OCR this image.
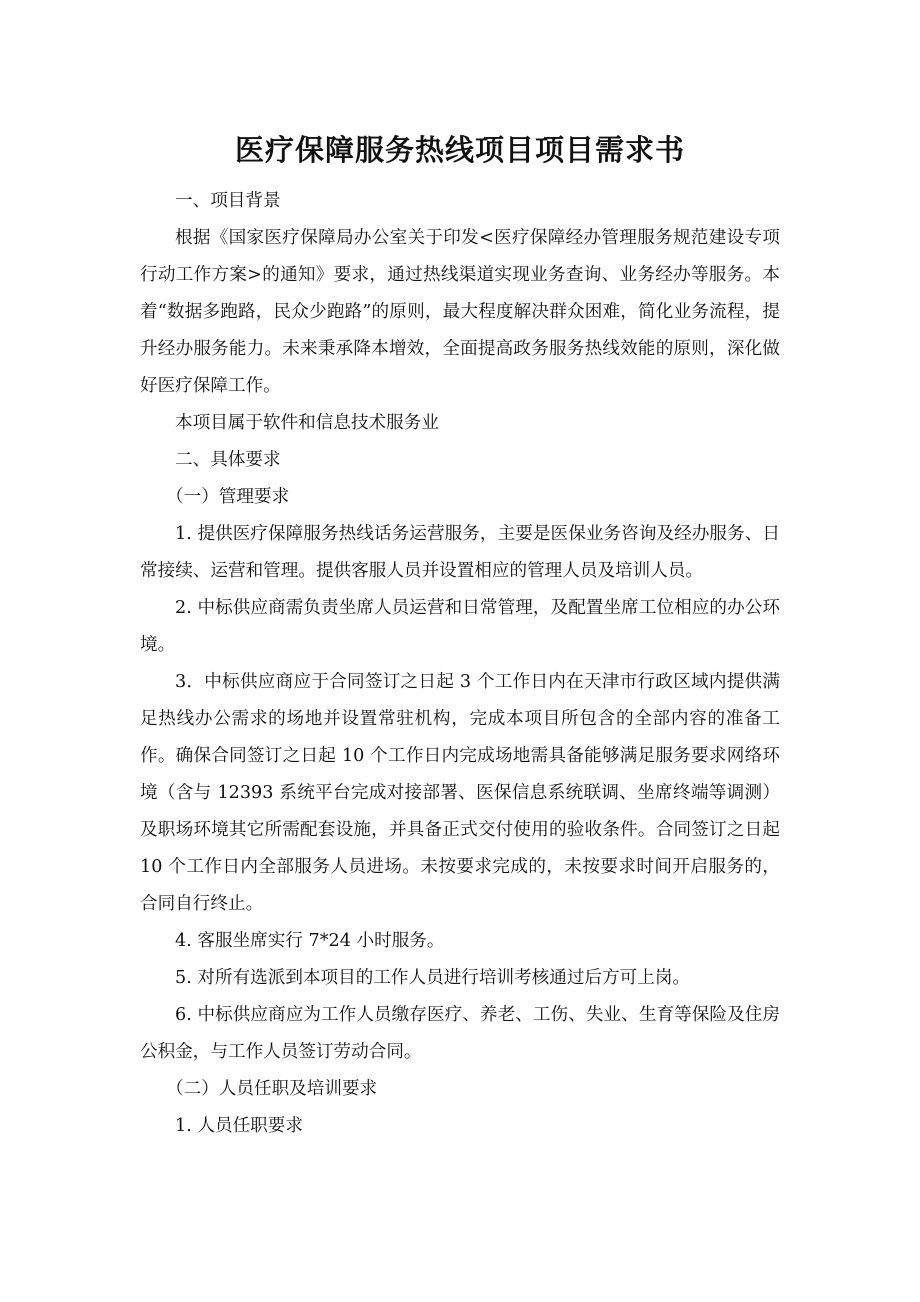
医疗保障服务热线项目项目需求书

一、项目背景

根据《国家医疗保障局办公室关于印发<医疗保障经办管理服务规范建设专项行动工作方案>的通知》要求，通过热线渠道实现业务查询、业务经办等服务。本着“数据多跑路，民众少跑路”的原则，最大程度解决群众困难，简化业务流程，提升经办服务能力。未来秉承降本增效，全面提高政务服务热线效能的原则，深化做好医疗保障工作。

本项目属于软件和信息技术服务业

二、具体要求

（一）管理要求

1. 提供医疗保障服务热线话务运营服务，主要是医保业务咨询及经办服务、日常接续、运营和管理。提供客服人员并设置相应的管理人员及培训人员。

2. 中标供应商需负责坐席人员运营和日常管理，及配置坐席工位相应的办公环境。

3．中标供应商应于合同签订之日起 3 个工作日内在天津市行政区域内提供满足热线办公需求的场地并设置常驻机构，完成本项目所包含的全部内容的准备工作。确保合同签订之日起 10 个工作日内完成场地需具备能够满足服务要求网络环境（含与 12393 系统平台完成对接部署、医保信息系统联调、坐席终端等调测）及职场环境其它所需配套设施，并具备正式交付使用的验收条件。合同签订之日起 10 个工作日内全部服务人员进场。未按要求完成的，未按要求时间开启服务的，合同自行终止。

4. 客服坐席实行 7*24 小时服务。

5. 对所有选派到本项目的工作人员进行培训考核通过后方可上岗。

6. 中标供应商应为工作人员缴存医疗、养老、工伤、失业、生育等保险及住房公积金，与工作人员签订劳动合同。

（二）人员任职及培训要求

1. 人员任职要求
